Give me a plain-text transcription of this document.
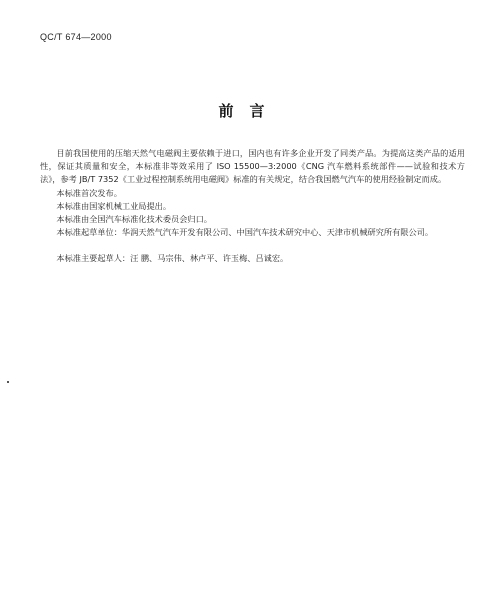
QC/T 674—2000
前言

目前我国使用的压缩天然气电磁阀主要依赖于进口，国内也有许多企业开发了同类产品。为提高这类产品的适用性，保证其质量和安全，本标准非等效采用了 ISO 15500—3:2000《CNG 汽车燃料系统部件——试验和技术方法》，参考 JB/T 7352《工业过程控制系统用电磁阀》标准的有关规定，结合我国燃气汽车的使用经验制定而成。

本标准首次发布。

本标准由国家机械工业局提出。

本标准由全国汽车标准化技术委员会归口。

本标准起草单位：华润天然气汽车开发有限公司、中国汽车技术研究中心、天津市机械研究所有限公司。

本标准主要起草人：汪 鹏、马宗伟、林卢平、许玉梅、吕诚宏。
